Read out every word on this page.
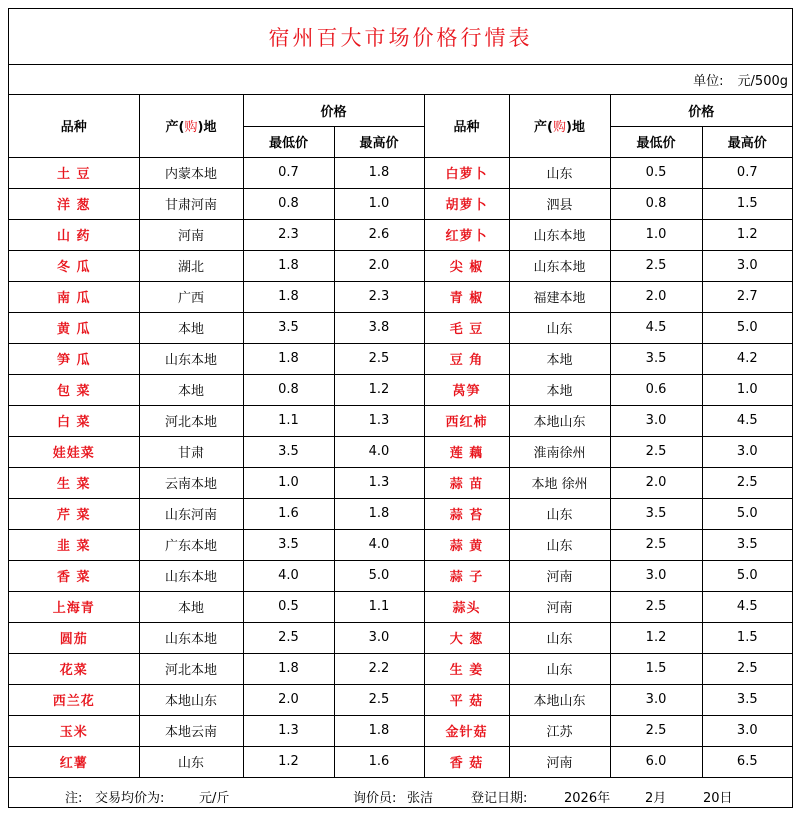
宿州百大市场价格行情表
单位: 元/500g
品种	产(购)地	价格		品种	产(购)地	价格	
		最低价	最高价			最低价	最高价
土 豆	内蒙本地	0.7	1.8	白萝卜	山东	0.5	0.7
洋 葱	甘肃河南	0.8	1.0	胡萝卜	泗县	0.8	1.5
山 药	河南	2.3	2.6	红萝卜	山东本地	1.0	1.2
冬 瓜	湖北	1.8	2.0	尖 椒	山东本地	2.5	3.0
南 瓜	广西	1.8	2.3	青 椒	福建本地	2.0	2.7
黄 瓜	本地	3.5	3.8	毛 豆	山东	4.5	5.0
笋 瓜	山东本地	1.8	2.5	豆 角	本地	3.5	4.2
包 菜	本地	0.8	1.2	莴笋	本地	0.6	1.0
白 菜	河北本地	1.1	1.3	西红柿	本地山东	3.0	4.5
娃娃菜	甘肃	3.5	4.0	莲 藕	淮南徐州	2.5	3.0
生 菜	云南本地	1.0	1.3	蒜 苗	本地 徐州	2.0	2.5
芹 菜	山东河南	1.6	1.8	蒜 苔	山东	3.5	5.0
韭 菜	广东本地	3.5	4.0	蒜 黄	山东	2.5	3.5
香 菜	山东本地	4.0	5.0	蒜 子	河南	3.0	5.0
上海青	本地	0.5	1.1	蒜头	河南	2.5	4.5
圆茄	山东本地	2.5	3.0	大 葱	山东	1.2	1.5
花菜	河北本地	1.8	2.2	生 姜	山东	1.5	2.5
西兰花	本地山东	2.0	2.5	平 菇	本地山东	3.0	3.5
玉米	本地云南	1.3	1.8	金针菇	江苏	2.5	3.0
红薯	山东	1.2	1.6	香 菇	河南	6.0	6.5
注: 交易均价为:	元/斤	询价员: 张洁	登记日期:	2026年	2月	20日
